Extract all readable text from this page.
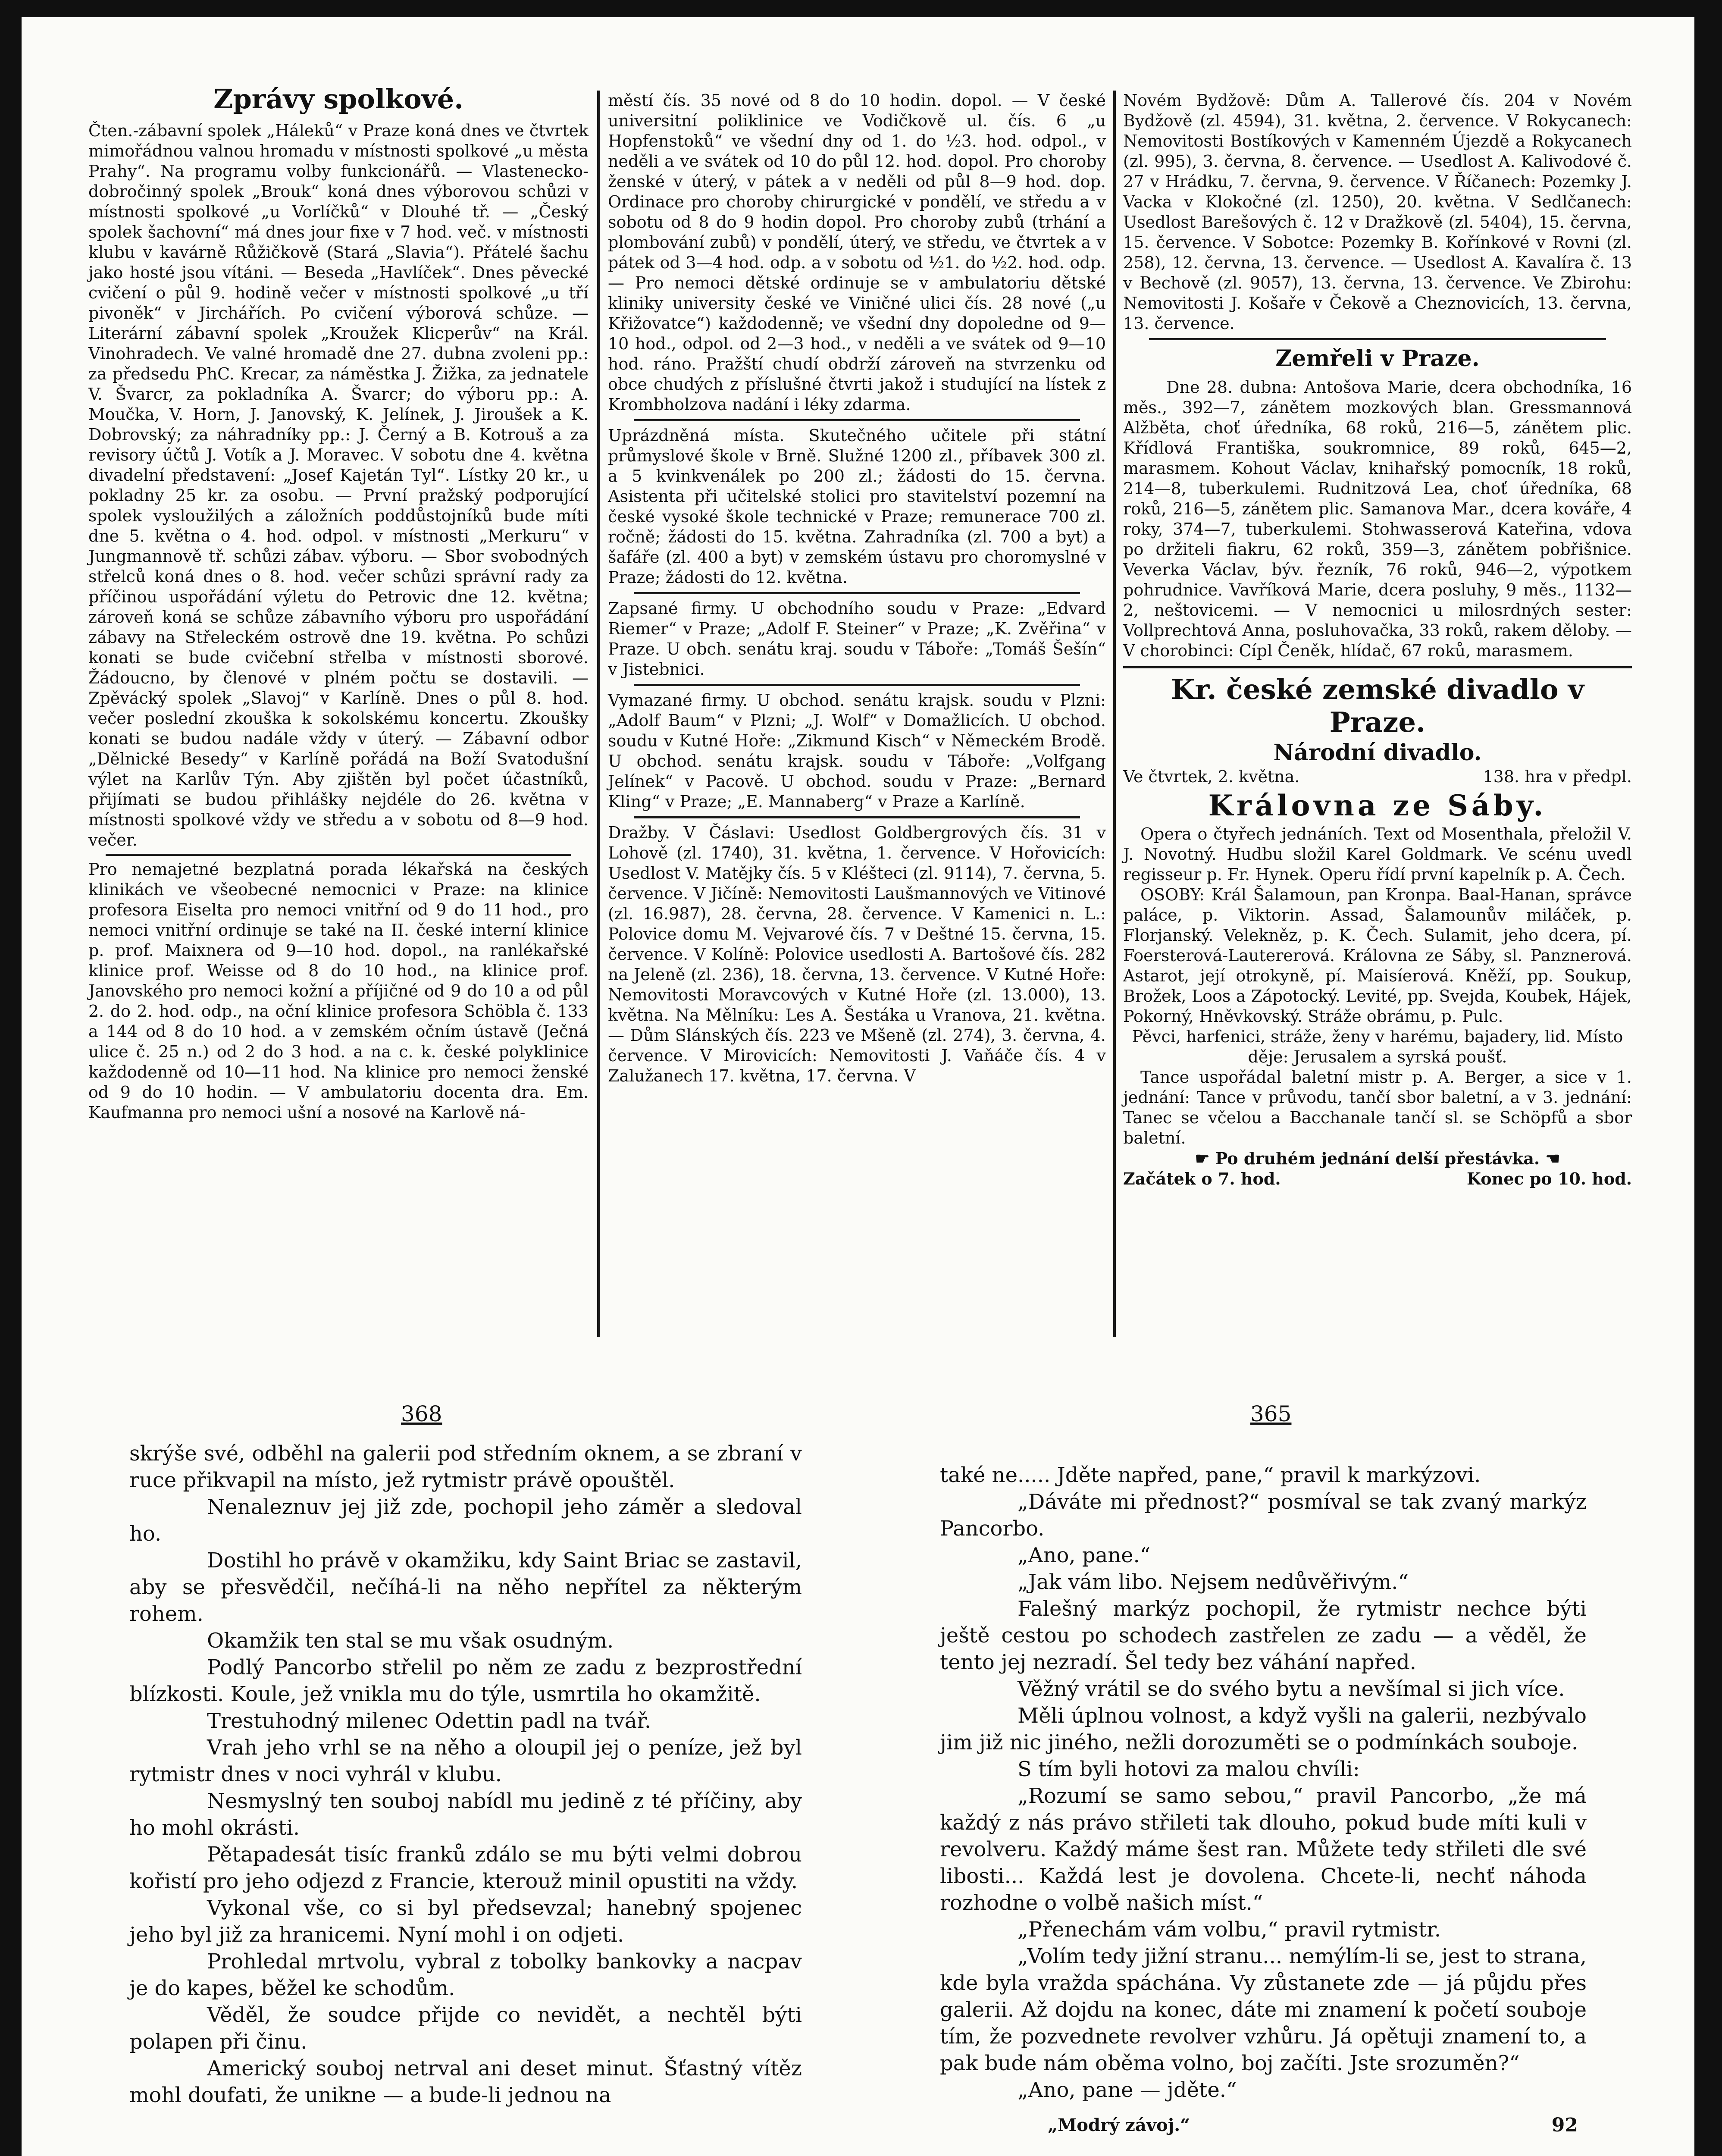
Zprávy spolkové.

Čten.-zábavní spolek „Háleků“ v Praze koná dnes ve čtvrtek mimořádnou valnou hromadu v místnosti spolkové „u města Prahy“. Na programu volby funkcionářů. — Vlastenecko-dobročinný spolek „Brouk“ koná dnes výborovou schůzi v místnosti spolkové „u Vorlíčků“ v Dlouhé tř. — „Český spolek šachovní“ má dnes jour fixe v 7 hod. več. v místnosti klubu v kavárně Růžičkově (Stará „Slavia“). Přátelé šachu jako hosté jsou vítáni. — Beseda „Havlíček“. Dnes pěvecké cvičení o půl 9. hodině večer v místnosti spolkové „u tří pivoněk“ v Jirchářích. Po cvičení výborová schůze. — Literární zábavní spolek „Kroužek Klicperův“ na Král. Vinohradech. Ve valné hromadě dne 27. dubna zvoleni pp.: za předsedu PhC. Krecar, za náměstka J. Žižka, za jednatele V. Švarcr, za pokladníka A. Švarcr; do výboru pp.: A. Moučka, V. Horn, J. Janovský, K. Jelínek, J. Jiroušek a K. Dobrovský; za náhradníky pp.: J. Černý a B. Kotrouš a za revisory účtů J. Votík a J. Moravec. V sobotu dne 4. května divadelní představení: „Josef Kajetán Tyl“. Lístky 20 kr., u pokladny 25 kr. za osobu. — První pražský podporující spolek vysloužilých a záložních poddůstojníků bude míti dne 5. května o 4. hod. odpol. v místnosti „Merkuru“ v Jungmannově tř. schůzi zábav. výboru. — Sbor svobodných střelců koná dnes o 8. hod. večer schůzi správní rady za příčinou uspořádání výletu do Petrovic dne 12. května; zároveň koná se schůze zábavního výboru pro uspořádání zábavy na Střeleckém ostrově dne 19. května. Po schůzi konati se bude cvičební střelba v místnosti sborové. Žádoucno, by členové v plném počtu se dostavili. — Zpěvácký spolek „Slavoj“ v Karlíně. Dnes o půl 8. hod. večer poslední zkouška k sokolskému koncertu. Zkoušky konati se budou nadále vždy v úterý. — Zábavní odbor „Dělnické Besedy“ v Karlíně pořádá na Boží Svatodušní výlet na Karlův Týn. Aby zjištěn byl počet účastníků, přijímati se budou přihlášky nejdéle do 26. května v místnosti spolkové vždy ve středu a v sobotu od 8—9 hod. večer.

Pro nemajetné bezplatná porada lékařská na českých klinikách ve všeobecné nemocnici v Praze: na klinice profesora Eiselta pro nemoci vnitřní od 9 do 11 hod., pro nemoci vnitřní ordinuje se také na II. české interní klinice p. prof. Maixnera od 9—10 hod. dopol., na ranlékařské klinice prof. Weisse od 8 do 10 hod., na klinice prof. Janovského pro nemoci kožní a příjičné od 9 do 10 a od půl 2. do 2. hod. odp., na oční klinice profesora Schöbla č. 133 a 144 od 8 do 10 hod. a v zemském očním ústavě (Ječná ulice č. 25 n.) od 2 do 3 hod. a na c. k. české polyklinice každodenně od 10—11 hod. Na klinice pro nemoci ženské od 9 do 10 hodin. — V ambulatoriu docenta dra. Em. Kaufmanna pro nemoci ušní a nosové na Karlově ná-

městí čís. 35 nové od 8 do 10 hodin. dopol. — V české universitní poliklinice ve Vodičkově ul. čís. 6 „u Hopfenstoků“ ve všední dny od 1. do ½3. hod. odpol., v neděli a ve svátek od 10 do půl 12. hod. dopol. Pro choroby ženské v úterý, v pátek a v neděli od půl 8—9 hod. dop. Ordinace pro choroby chirurgické v pondělí, ve středu a v sobotu od 8 do 9 hodin dopol. Pro choroby zubů (trhání a plombování zubů) v pondělí, úterý, ve středu, ve čtvrtek a v pátek od 3—4 hod. odp. a v sobotu od ½1. do ½2. hod. odp. — Pro nemoci dětské ordinuje se v ambulatoriu dětské kliniky university české ve Viničné ulici čís. 28 nové („u Křižovatce“) každodenně; ve všední dny dopoledne od 9—10 hod., odpol. od 2—3 hod., v neděli a ve svátek od 9—10 hod. ráno. Pražští chudí obdrží zároveň na stvrzenku od obce chudých z příslušné čtvrti jakož i studující na lístek z Krombholzova nadání i léky zdarma.

Uprázdněná místa. Skutečného učitele při státní průmyslové škole v Brně. Služné 1200 zl., příbavek 300 zl. a 5 kvinkvenálek po 200 zl.; žádosti do 15. června. Asistenta při učitelské stolici pro stavitelství pozemní na české vysoké škole technické v Praze; remunerace 700 zl. ročně; žádosti do 15. května. Zahradníka (zl. 700 a byt) a šafáře (zl. 400 a byt) v zemském ústavu pro choromyslné v Praze; žádosti do 12. května.

Zapsané firmy. U obchodního soudu v Praze: „Edvard Riemer“ v Praze; „Adolf F. Steiner“ v Praze; „K. Zvěřina“ v Praze. U obch. senátu kraj. soudu v Táboře: „Tomáš Šešín“ v Jistebnici.

Vymazané firmy. U obchod. senátu krajsk. soudu v Plzni: „Adolf Baum“ v Plzni; „J. Wolf“ v Domažlicích. U obchod. soudu v Kutné Hoře: „Zikmund Kisch“ v Německém Brodě. U obchod. senátu krajsk. soudu v Táboře: „Volfgang Jelínek“ v Pacově. U obchod. soudu v Praze: „Bernard Kling“ v Praze; „E. Mannaberg“ v Praze a Karlíně.

Dražby. V Čáslavi: Usedlost Goldbergrových čís. 31 v Lohově (zl. 1740), 31. května, 1. července. V Hořovicích: Usedlost V. Matějky čís. 5 v Kléšteci (zl. 9114), 7. června, 5. července. V Jičíně: Nemovitosti Laušmannových ve Vitinové (zl. 16.987), 28. června, 28. července. V Kamenici n. L.: Polovice domu M. Vejvarové čís. 7 v Deštné 15. června, 15. července. V Kolíně: Polovice usedlosti A. Bartošové čís. 282 na Jeleně (zl. 236), 18. června, 13. července. V Kutné Hoře: Nemovitosti Moravcových v Kutné Hoře (zl. 13.000), 13. května. Na Mělníku: Les A. Šestáka u Vranova, 21. května. — Dům Slánských čís. 223 ve Mšeně (zl. 274), 3. června, 4. července. V Mirovicích: Nemovitosti J. Vaňáče čís. 4 v Zalužanech 17. května, 17. června. V

Novém Bydžově: Dům A. Tallerové čís. 204 v Novém Bydžově (zl. 4594), 31. května, 2. července. V Rokycanech: Nemovitosti Bostíkových v Kamenném Újezdě a Rokycanech (zl. 995), 3. června, 8. července. — Usedlost A. Kalivodové č. 27 v Hrádku, 7. června, 9. července. V Říčanech: Pozemky J. Vacka v Klokočné (zl. 1250), 20. května. V Sedlčanech: Usedlost Barešových č. 12 v Dražkově (zl. 5404), 15. června, 15. července. V Sobotce: Pozemky B. Kořínkové v Rovni (zl. 258), 12. června, 13. července. — Usedlost A. Kavalíra č. 13 v Bechově (zl. 9057), 13. června, 13. července. Ve Zbirohu: Nemovitosti J. Košaře v Čekově a Cheznovicích, 13. června, 13. července.

Zemřeli v Praze.

Dne 28. dubna: Antošova Marie, dcera obchodníka, 16 měs., 392—7, zánětem mozkových blan. Gressmannová Alžběta, choť úředníka, 68 roků, 216—5, zánětem plic. Křídlová Františka, soukromnice, 89 roků, 645—2, marasmem. Kohout Václav, knihařský pomocník, 18 roků, 214—8, tuberkulemi. Rudnitzová Lea, choť úředníka, 68 roků, 216—5, zánětem plic. Samanova Mar., dcera kováře, 4 roky, 374—7, tuberkulemi. Stohwasserová Kateřina, vdova po držiteli fiakru, 62 roků, 359—3, zánětem pobřišnice. Veverka Václav, býv. řezník, 76 roků, 946—2, výpotkem pohrudnice. Vavříková Marie, dcera posluhy, 9 měs., 1132—2, neštovicemi. — V nemocnici u milosrdných sester: Vollprechtová Anna, posluhovačka, 33 roků, rakem děloby. — V chorobinci: Cípl Čeněk, hlídač, 67 roků, marasmem.

Kr. české zemské divadlo v Praze.
Národní divadlo.
Ve čtvrtek, 2. května.	138. hra v předpl.
Královna ze Sáby.

Opera o čtyřech jednáních. Text od Mosenthala, přeložil V. J. Novotný. Hudbu složil Karel Goldmark. Ve scénu uvedl regisseur p. Fr. Hynek. Operu řídí první kapelník p. A. Čech.

OSOBY: Král Šalamoun, pan Kronpa. Baal-Hanan, správce paláce, p. Viktorin. Assad, Šalamounův miláček, p. Florjanský. Velekněz, p. K. Čech. Sulamit, jeho dcera, pí. Foersterová-Lautererová. Královna ze Sáby, sl. Panznerová. Astarot, její otrokyně, pí. Maisíerová. Kněží, pp. Soukup, Brožek, Loos a Zápotocký. Levité, pp. Svejda, Koubek, Hájek, Pokorný, Hněvkovský. Stráže obrámu, p. Pulc.

Pěvci, harfenici, stráže, ženy v harému, bajadery, lid. Místo děje: Jerusalem a syrská poušť.

Tance uspořádal baletní mistr p. A. Berger, a sice v 1. jednání: Tance v průvodu, tančí sbor baletní, a v 3. jednání: Tanec se včelou a Bacchanale tančí sl. se Schöpfů a sbor baletní.

☛ Po druhém jednání delší přestávka. ☚
Začátek o 7. hod.	Konec po 10. hod.
368	365

skrýše své, odběhl na galerii pod středním oknem, a se zbraní v ruce přikvapil na místo, jež rytmistr právě opouštěl.

Nenaleznuv jej již zde, pochopil jeho záměr a sledoval ho.

Dostihl ho právě v okamžiku, kdy Saint Briac se zastavil, aby se přesvědčil, nečíhá-li na něho nepřítel za některým rohem.

Okamžik ten stal se mu však osudným.

Podlý Pancorbo střelil po něm ze zadu z bezprostřední blízkosti. Koule, jež vnikla mu do týle, usmrtila ho okamžitě.

Trestuhodný milenec Odettin padl na tvář.

Vrah jeho vrhl se na něho a oloupil jej o peníze, jež byl rytmistr dnes v noci vyhrál v klubu.

Nesmyslný ten souboj nabídl mu jedině z té příčiny, aby ho mohl okrásti.

Pětapadesát tisíc franků zdálo se mu býti velmi dobrou kořistí pro jeho odjezd z Francie, kterouž minil opustiti na vždy.

Vykonal vše, co si byl předsevzal; hanebný spojenec jeho byl již za hranicemi. Nyní mohl i on odjeti.

Prohledal mrtvolu, vybral z tobolky bankovky a nacpav je do kapes, běžel ke schodům.

Věděl, že soudce přijde co nevidět, a nechtěl býti polapen při činu.

Americký souboj netrval ani deset minut. Šťastný vítěz mohl doufati, že unikne — a bude-li jednou na

také ne..... Jděte napřed, pane,“ pravil k markýzovi.

„Dáváte mi přednost?“ posmíval se tak zvaný markýz Pancorbo.

„Ano, pane.“

„Jak vám libo. Nejsem nedůvěřivým.“

Falešný markýz pochopil, že rytmistr nechce býti ještě cestou po schodech zastřelen ze zadu — a věděl, že tento jej nezradí. Šel tedy bez váhání napřed.

Věžný vrátil se do svého bytu a nevšímal si jich více.

Měli úplnou volnost, a když vyšli na galerii, nezbývalo jim již nic jiného, nežli dorozuměti se o podmínkách souboje.

S tím byli hotovi za malou chvíli:

„Rozumí se samo sebou,“ pravil Pancorbo, „že má každý z nás právo střileti tak dlouho, pokud bude míti kuli v revolveru. Každý máme šest ran. Můžete tedy střileti dle své libosti... Každá lest je dovolena. Chcete-li, nechť náhoda rozhodne o volbě našich míst.“

„Přenechám vám volbu,“ pravil rytmistr.

„Volím tedy jižní stranu... nemýlím-li se, jest to strana, kde byla vražda spáchána. Vy zůstanete zde — já půjdu přes galerii. Až dojdu na konec, dáte mi znamení k početí souboje tím, že pozvednete revolver vzhůru. Já opětuji znamení to, a pak bude nám oběma volno, boj začíti. Jste srozuměn?“

„Ano, pane — jděte.“

„Modrý závoj.“	92
